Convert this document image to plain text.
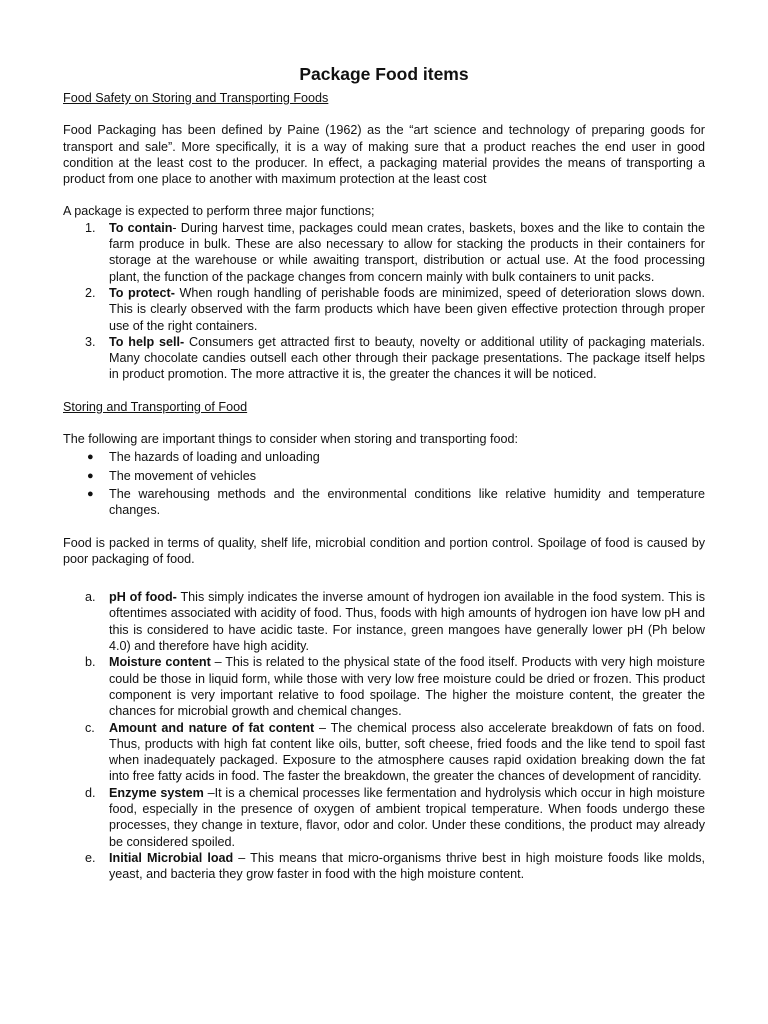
Package Food items

Food Safety on Storing and Transporting Foods

Food Packaging has been defined by Paine (1962) as the “art science and technology of preparing goods for transport and sale”. More specifically, it is a way of making sure that a product reaches the end user in good condition at the least cost to the producer. In effect, a packaging material provides the means of transporting a product from one place to another with maximum protection at the least cost

A package is expected to perform three major functions;

1. To contain- During harvest time, packages could mean crates, baskets, boxes and the like to contain the farm produce in bulk. These are also necessary to allow for stacking the products in their containers for storage at the warehouse or while awaiting transport, distribution or actual use. At the food processing plant, the function of the package changes from concern mainly with bulk containers to unit packs.
2. To protect- When rough handling of perishable foods are minimized, speed of deterioration slows down. This is clearly observed with the farm products which have been given effective protection through proper use of the right containers.
3. To help sell- Consumers get attracted first to beauty, novelty or additional utility of packaging materials. Many chocolate candies outsell each other through their package presentations. The package itself helps in product promotion. The more attractive it is, the greater the chances it will be noticed.

Storing and Transporting of Food

The following are important things to consider when storing and transporting food:

● The hazards of loading and unloading
● The movement of vehicles
● The warehousing methods and the environmental conditions like relative humidity and temperature changes.

Food is packed in terms of quality, shelf life, microbial condition and portion control. Spoilage of food is caused by poor packaging of food.

a. pH of food- This simply indicates the inverse amount of hydrogen ion available in the food system. This is oftentimes associated with acidity of food. Thus, foods with high amounts of hydrogen ion have low pH and this is considered to have acidic taste. For instance, green mangoes have generally lower pH (Ph below 4.0) and therefore have high acidity.
b. Moisture content – This is related to the physical state of the food itself. Products with very high moisture could be those in liquid form, while those with very low free moisture could be dried or frozen. This product component is very important relative to food spoilage. The higher the moisture content, the greater the chances for microbial growth and chemical changes.
c. Amount and nature of fat content – The chemical process also accelerate breakdown of fats on food. Thus, products with high fat content like oils, butter, soft cheese, fried foods and the like tend to spoil fast when inadequately packaged. Exposure to the atmosphere causes rapid oxidation breaking down the fat into free fatty acids in food. The faster the breakdown, the greater the chances of development of rancidity.
d. Enzyme system –It is a chemical processes like fermentation and hydrolysis which occur in high moisture food, especially in the presence of oxygen of ambient tropical temperature. When foods undergo these processes, they change in texture, flavor, odor and color. Under these conditions, the product may already be considered spoiled.
e. Initial Microbial load – This means that micro-organisms thrive best in high moisture foods like molds, yeast, and bacteria they grow faster in food with the high moisture content.
